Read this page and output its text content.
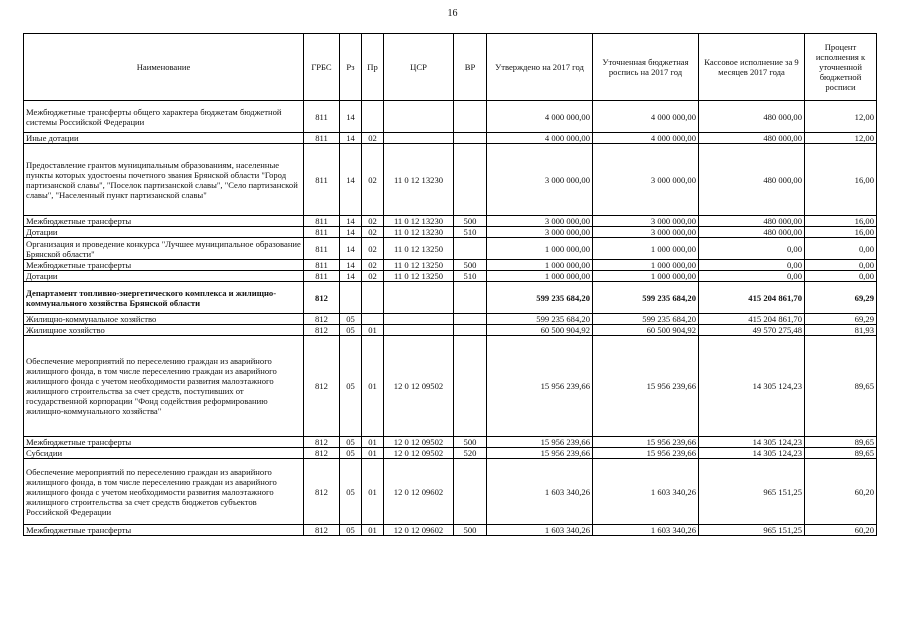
16
Наименование	ГРБС	Рз	Пр	ЦСР	ВР	Утверждено на 2017 год	Уточненная бюджетная роспись на 2017 год	Кассовое исполнение за 9 месяцев 2017 года	Процент исполнения к уточненной бюджетной росписи
Межбюджетные трансферты общего характера бюджетам бюджетной системы Российской Федерации	811	14				4 000 000,00	4 000 000,00	480 000,00	12,00
Иные дотации	811	14	02			4 000 000,00	4 000 000,00	480 000,00	12,00
Предоставление грантов муниципальным образованиям, населенные пункты которых удостоены почетного звания Брянской области "Город партизанской славы", "Поселок партизанской славы", "Село партизанской славы", "Населенный пункт партизанской славы"	811	14	02	11 0 12 13230		3 000 000,00	3 000 000,00	480 000,00	16,00
Межбюджетные трансферты	811	14	02	11 0 12 13230	500	3 000 000,00	3 000 000,00	480 000,00	16,00
Дотации	811	14	02	11 0 12 13230	510	3 000 000,00	3 000 000,00	480 000,00	16,00
Организация и проведение конкурса "Лучшее муниципальное образование Брянской области"	811	14	02	11 0 12 13250		1 000 000,00	1 000 000,00	0,00	0,00
Межбюджетные трансферты	811	14	02	11 0 12 13250	500	1 000 000,00	1 000 000,00	0,00	0,00
Дотации	811	14	02	11 0 12 13250	510	1 000 000,00	1 000 000,00	0,00	0,00
Департамент топливно-энергетического комплекса и жилищно-коммунального хозяйства Брянской области	812					599 235 684,20	599 235 684,20	415 204 861,70	69,29
Жилищно-коммунальное хозяйство	812	05				599 235 684,20	599 235 684,20	415 204 861,70	69,29
Жилищное хозяйство	812	05	01			60 500 904,92	60 500 904,92	49 570 275,48	81,93
Обеспечение мероприятий по переселению граждан из аварийного жилищного фонда, в том числе переселению граждан из аварийного жилищного фонда с учетом необходимости развития малоэтажного жилищного строительства за счет средств, поступивших от государственной корпорации "Фонд содействия реформированию жилищно-коммунального хозяйства"	812	05	01	12 0 12 09502		15 956 239,66	15 956 239,66	14 305 124,23	89,65
Межбюджетные трансферты	812	05	01	12 0 12 09502	500	15 956 239,66	15 956 239,66	14 305 124,23	89,65
Субсидии	812	05	01	12 0 12 09502	520	15 956 239,66	15 956 239,66	14 305 124,23	89,65
Обеспечение мероприятий по переселению граждан из аварийного жилищного фонда, в том числе переселению граждан из аварийного жилищного фонда с учетом необходимости развития малоэтажного жилищного строительства за счет средств бюджетов субъектов Российской Федерации	812	05	01	12 0 12 09602		1 603 340,26	1 603 340,26	965 151,25	60,20
Межбюджетные трансферты	812	05	01	12 0 12 09602	500	1 603 340,26	1 603 340,26	965 151,25	60,20
